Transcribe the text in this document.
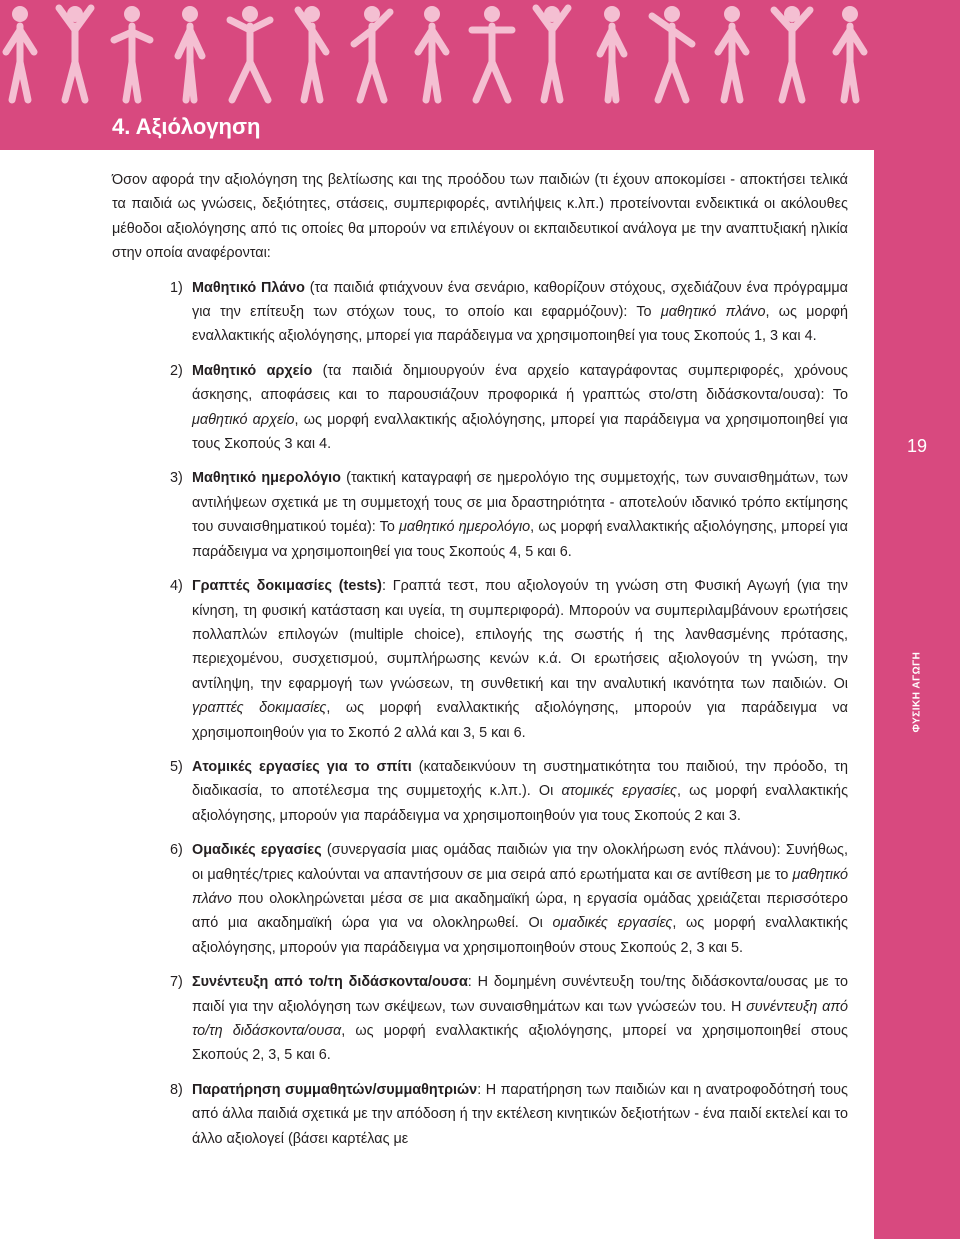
4. Αξιόλογηση
19
ΦΥΣΙΚΗ ΑΓΩΓΗ

Όσον αφορά την αξιολόγηση της βελτίωσης και της προόδου των παιδιών (τι έχουν αποκομίσει - αποκτήσει τελικά τα παιδιά ως γνώσεις, δεξιότητες, στάσεις, συμπεριφορές, αντιλήψεις κ.λπ.) προτείνονται ενδεικτικά οι ακόλουθες μέθοδοι αξιολόγησης από τις οποίες θα μπορούν να επιλέγουν οι εκπαιδευτικοί ανάλογα με την αναπτυξιακή ηλικία στην οποία αναφέρονται:

1) Μαθητικό Πλάνο (τα παιδιά φτιάχνουν ένα σενάριο, καθορίζουν στόχους, σχεδιάζουν ένα πρόγραμμα για την επίτευξη των στόχων τους, το οποίο και εφαρμόζουν): Το μαθητικό πλάνο, ως μορφή εναλλακτικής αξιολόγησης, μπορεί για παράδειγμα να χρησιμοποιηθεί για τους Σκοπούς 1, 3 και 4.
2) Μαθητικό αρχείο (τα παιδιά δημιουργούν ένα αρχείο καταγράφοντας συμπεριφορές, χρόνους άσκησης, αποφάσεις και το παρουσιάζουν προφορικά ή γραπτώς στο/στη διδάσκοντα/ουσα): Το μαθητικό αρχείο, ως μορφή εναλλακτικής αξιολόγησης, μπορεί για παράδειγμα να χρησιμοποιηθεί για τους Σκοπούς 3 και 4.
3) Μαθητικό ημερολόγιο (τακτική καταγραφή σε ημερολόγιο της συμμετοχής, των συναισθημάτων, των αντιλήψεων σχετικά με τη συμμετοχή τους σε μια δραστηριότητα - αποτελούν ιδανικό τρόπο εκτίμησης του συναισθηματικού τομέα): Το μαθητικό ημερολόγιο, ως μορφή εναλλακτικής αξιολόγησης, μπορεί για παράδειγμα να χρησιμοποιηθεί για τους Σκοπούς 4, 5 και 6.
4) Γραπτές δοκιμασίες (tests): Γραπτά τεστ, που αξιολογούν τη γνώση στη Φυσική Αγωγή (για την κίνηση, τη φυσική κατάσταση και υγεία, τη συμπεριφορά). Μπορούν να συμπεριλαμβάνουν ερωτήσεις πολλαπλών επιλογών (multiple choice), επιλογής της σωστής ή της λανθασμένης πρότασης, περιεχομένου, συσχετισμού, συμπλήρωσης κενών κ.ά. Οι ερωτήσεις αξιολογούν τη γνώση, την αντίληψη, την εφαρμογή των γνώσεων, τη συνθετική και την αναλυτική ικανότητα των παιδιών. Οι γραπτές δοκιμασίες, ως μορφή εναλλακτικής αξιολόγησης, μπορούν για παράδειγμα να χρησιμοποιηθούν για το Σκοπό 2 αλλά και 3, 5 και 6.
5) Ατομικές εργασίες για το σπίτι (καταδεικνύουν τη συστηματικότητα του παιδιού, την πρόοδο, τη διαδικασία, το αποτέλεσμα της συμμετοχής κ.λπ.). Οι ατομικές εργασίες, ως μορφή εναλλακτικής αξιολόγησης, μπορούν για παράδειγμα να χρησιμοποιηθούν για τους Σκοπούς 2 και 3.
6) Ομαδικές εργασίες (συνεργασία μιας ομάδας παιδιών για την ολοκλήρωση ενός πλάνου): Συνήθως, οι μαθητές/τριες καλούνται να απαντήσουν σε μια σειρά από ερωτήματα και σε αντίθεση με το μαθητικό πλάνο που ολοκληρώνεται μέσα σε μια ακαδημαϊκή ώρα, η εργασία ομάδας χρειάζεται περισσότερο από μια ακαδημαϊκή ώρα για να ολοκληρωθεί. Οι ομαδικές εργασίες, ως μορφή εναλλακτικής αξιολόγησης, μπορούν για παράδειγμα να χρησιμοποιηθούν στους Σκοπούς 2, 3 και 5.
7) Συνέντευξη από το/τη διδάσκοντα/ουσα: Η δομημένη συνέντευξη του/της διδάσκοντα/ουσας με το παιδί για την αξιολόγηση των σκέψεων, των συναισθημάτων και των γνώσεών του. Η συνέντευξη από το/τη διδάσκοντα/ουσα, ως μορφή εναλλακτικής αξιολόγησης, μπορεί να χρησιμοποιηθεί στους Σκοπούς 2, 3, 5 και 6.
8) Παρατήρηση συμμαθητών/συμμαθητριών: Η παρατήρηση των παιδιών και η ανατροφοδότησή τους από άλλα παιδιά σχετικά με την απόδοση ή την εκτέλεση κινητικών δεξιοτήτων - ένα παιδί εκτελεί και το άλλο αξιολογεί (βάσει καρτέλας με
